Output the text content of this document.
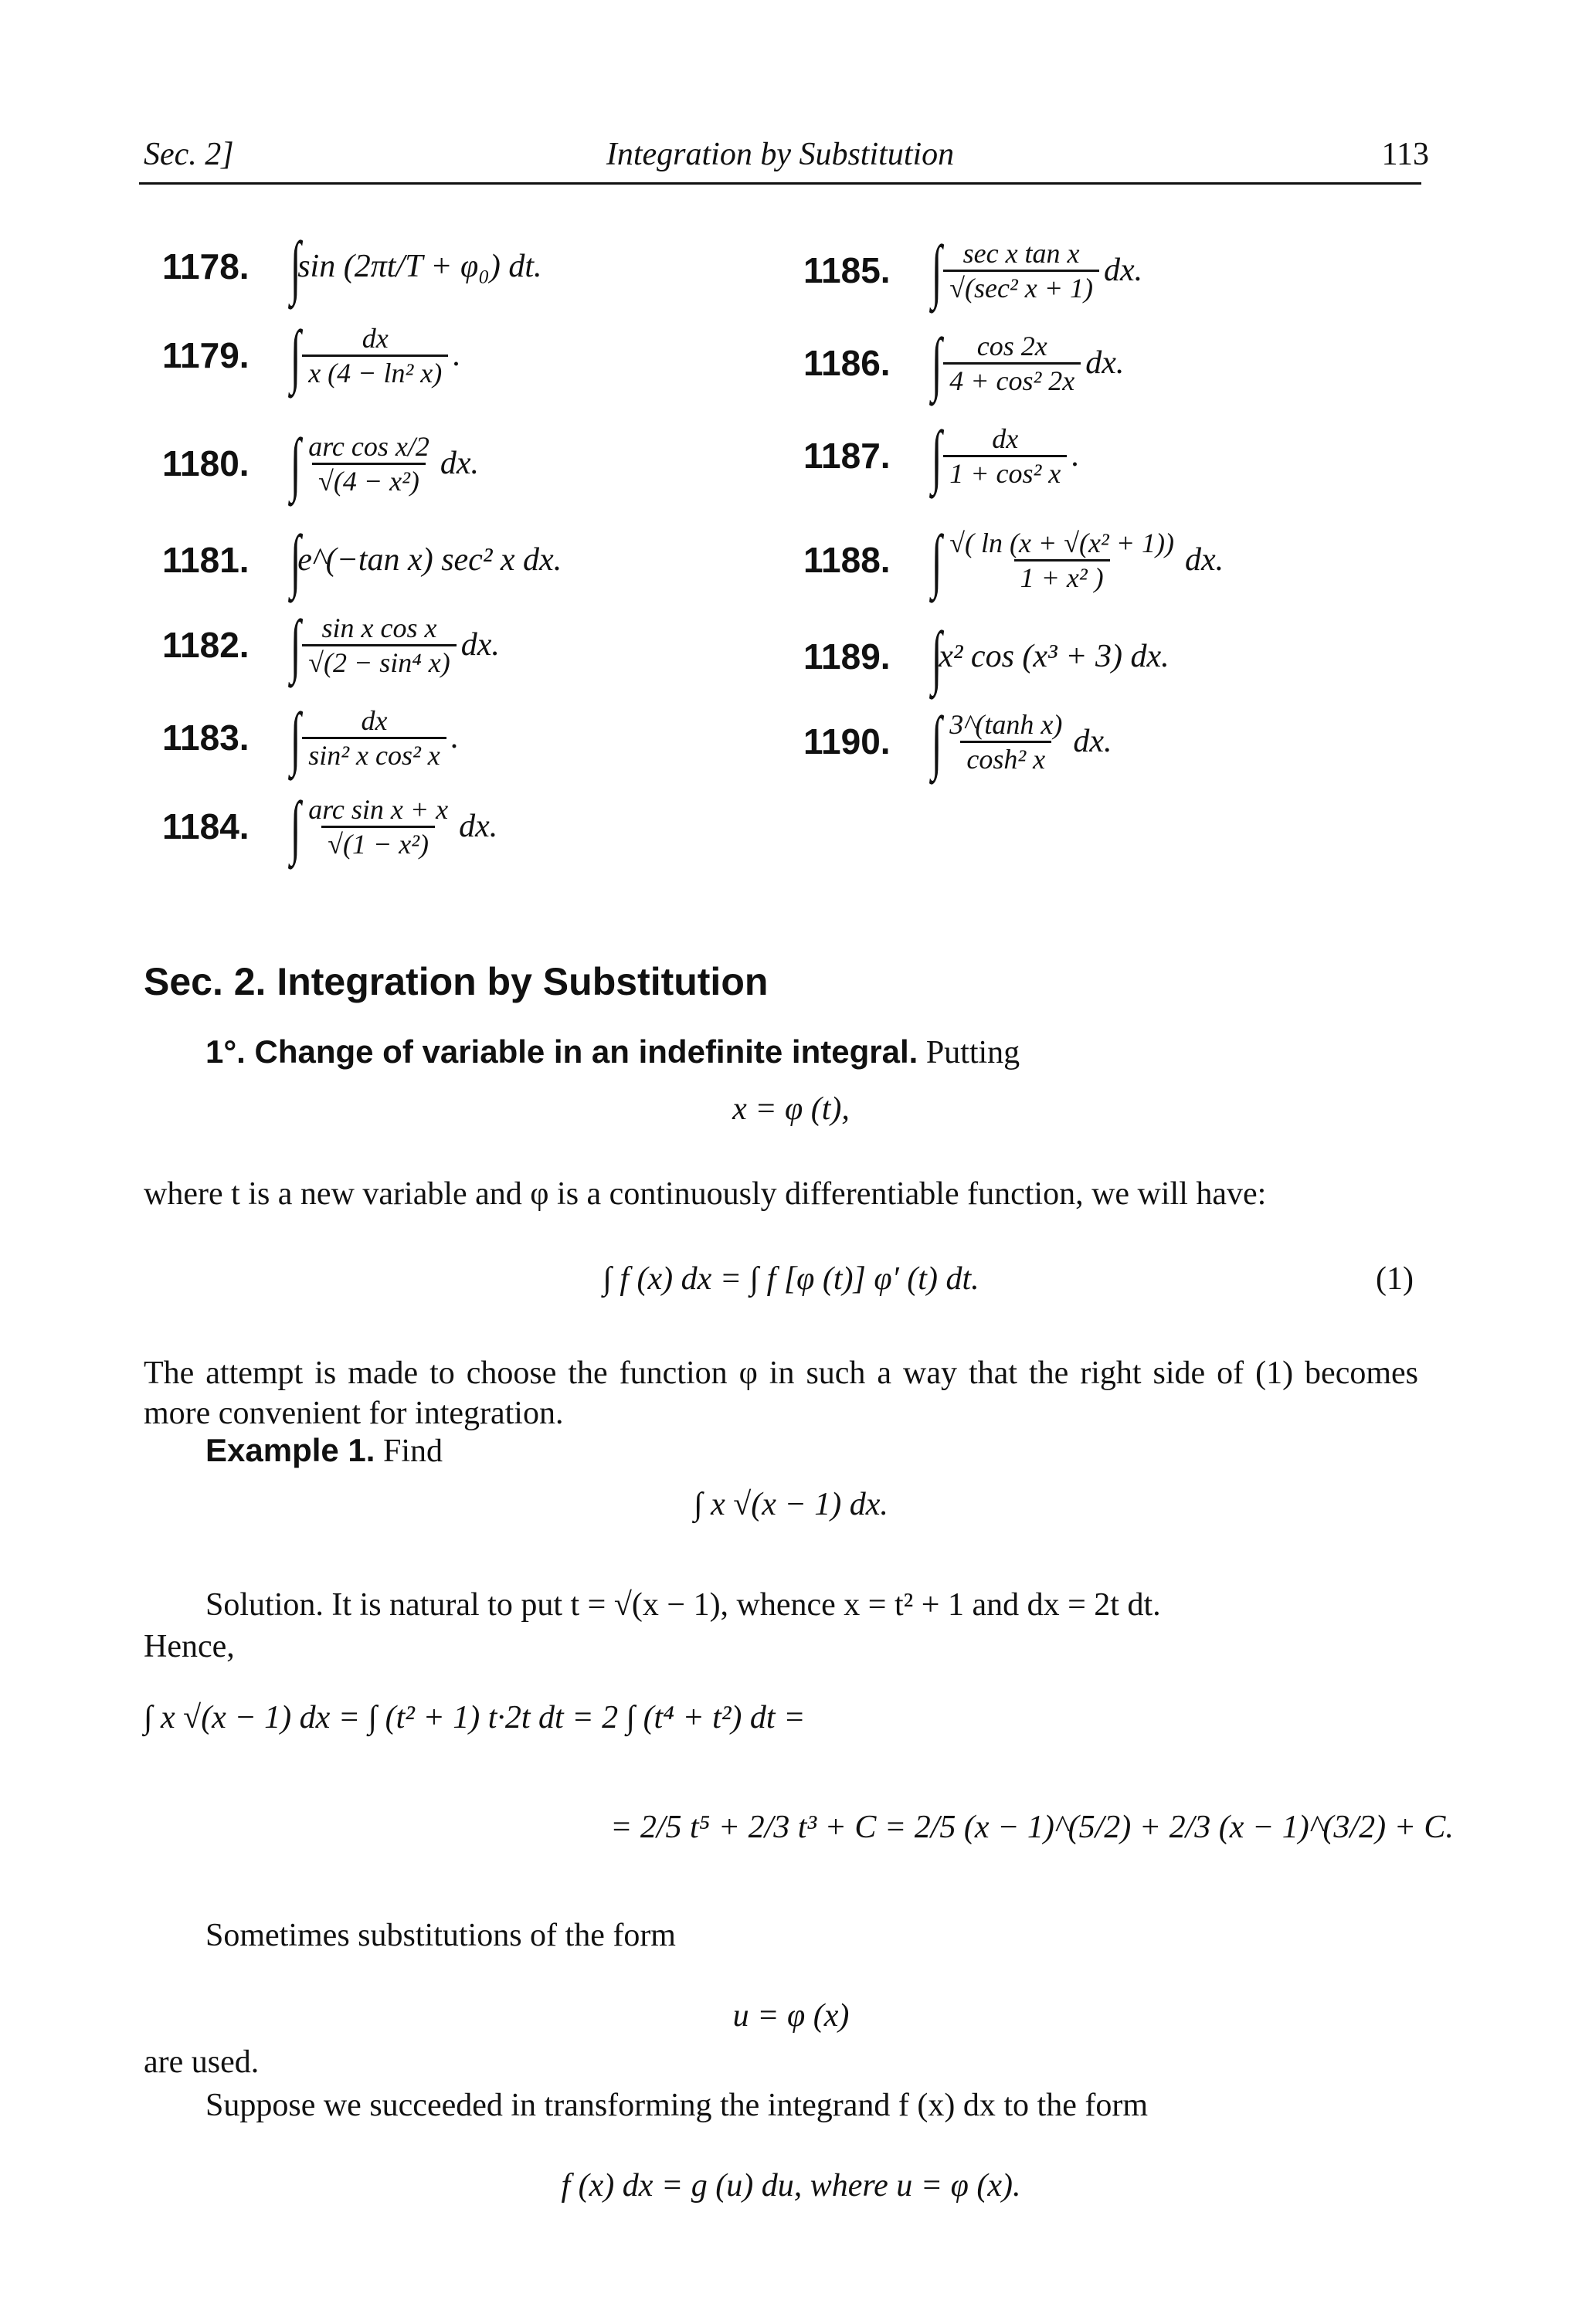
Sec. 2]	Integration by Substitution	113
1178. ∫
sin (2πt/T + φ₀) dt.
1179. ∫ $\frac{dx}{\text{x (4 − ln² x)}}$ .
1180. ∫ $\frac{\text{arc cos x/2}}{\text{√(4 − x²)}}$ dx.
1181. ∫
e^(−tan x) sec² x dx.
1182. ∫ $\frac{\text{sin x cos x}}{\text{√(2 − sin⁴ x)}}$ dx.
1183. ∫ $\frac{dx}{\text{sin² x cos² x}}$ .
1184. ∫ $\frac{\text{arc sin x + x}}{\text{√(1 − x²)}}$ dx.
1185. ∫ $\frac{\text{sec x tan x}}{\text{√(sec² x + 1)}}$ dx.
1186. ∫ $\frac{\cos 2x}{\text{4 + cos² 2x}}$ dx.
1187. ∫ $\frac{dx}{\text{1 + cos² x}}$ .
1188. ∫ $\frac{\text{√( ln (x + √(x² + 1))}}{\text{1 + x² )}}$ dx.
1189. ∫
x² cos (x³ + 3) dx.
1190. ∫ $\frac{\text{3\textasciicircum{}(tanh x)}}{\text{cosh² x}}$ dx.
Sec. 2. Integration by Substitution
1°. Change of variable in an indefinite integral. Putting
x = φ (t),
where t is a new variable and φ is a continuously differentiable function, we will have:
∫ f (x) dx = ∫ f [φ (t)] φ′ (t) dt.	(1)
The attempt is made to choose the function φ in such a way that the right side of (1) becomes more convenient for integration.
Example 1. Find
∫ x √(x − 1) dx.
Solution. It is natural to put t = √(x − 1), whence x = t² + 1 and dx = 2t dt.
Hence,
∫ x √(x − 1) dx = ∫ (t² + 1) t·2t dt = 2 ∫ (t⁴ + t²) dt =
= 2/5 t⁵ + 2/3 t³ + C = 2/5 (x − 1)^(5/2) + 2/3 (x − 1)^(3/2) + C.
Sometimes substitutions of the form
u = φ (x)
are used.
Suppose we succeeded in transforming the integrand f (x) dx to the form
f (x) dx = g (u) du, where u = φ (x).
